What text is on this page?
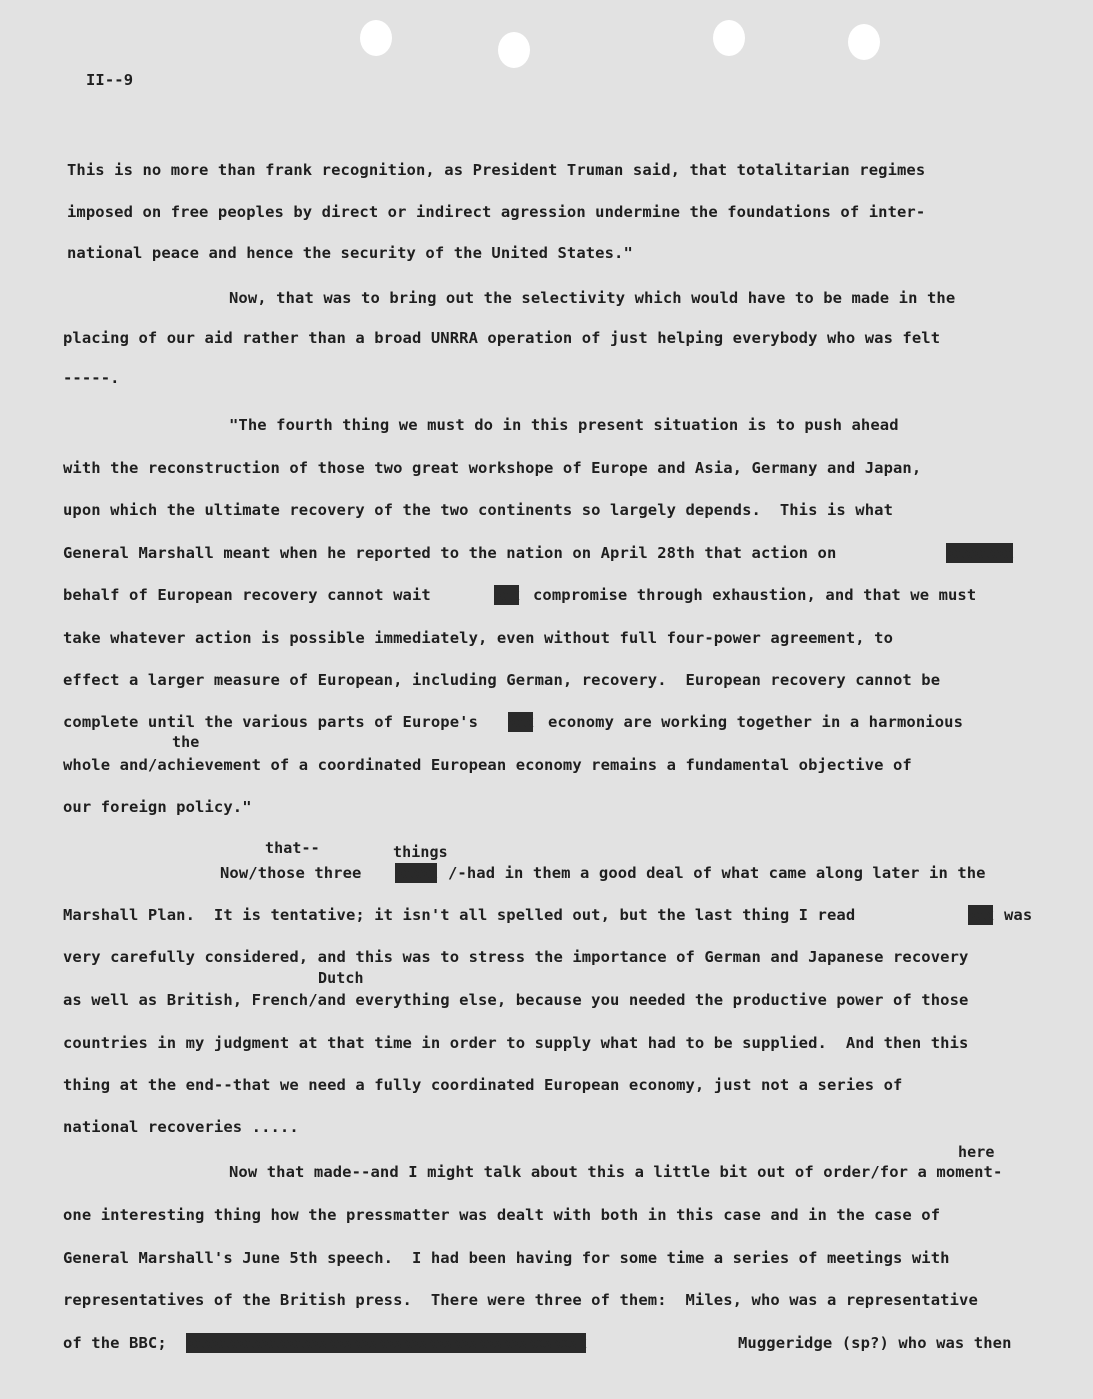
II--9
This is no more than frank recognition, as President Truman said, that totalitarian regimes
imposed on free peoples by direct or indirect agression undermine the foundations of inter-
national peace and hence the security of the United States."
Now, that was to bring out the selectivity which would have to be made in the
placing of our aid rather than a broad UNRRA operation of just helping everybody who was felt
-----.
"The fourth thing we must do in this present situation is to push ahead
with the reconstruction of those two great workshope of Europe and Asia, Germany and Japan,
upon which the ultimate recovery of the two continents so largely depends.  This is what
General Marshall meant when he reported to the nation on April 28th that action on	xxxxxxxx
behalf of European recovery cannot wait	xxx compromise through exhaustion, and that we must
take whatever action is possible immediately, even without full four-power agreement, to
effect a larger measure of European, including German, recovery.  European recovery cannot be
complete until the various parts of Europe's xxx economy are working together in a harmonious
the
whole and/achievement of a coordinated European economy remains a fundamental objective of
our foreign policy."
that--	things
Now/those three xxxxx /-had in them a good deal of what came along later in the
Marshall Plan.  It is tentative; it isn't all spelled out, but the last thing I read	xxx was
very carefully considered, and this was to stress the importance of German and Japanese recovery
Dutch
as well as British, French/and everything else, because you needed the productive power of those
countries in my judgment at that time in order to supply what had to be supplied.  And then this
thing at the end--that we need a fully coordinated European economy, just not a series of
national recoveries .....
here
Now that made--and I might talk about this a little bit out of order/for a moment-
one interesting thing how the pressmatter was dealt with both in this case and in the case of
General Marshall's June 5th speech.  I had been having for some time a series of meetings with
representatives of the British press.  There were three of them:  Miles, who was a representative
of the BBC; xxxxxxxxxxxxxxxxxxxxxxxxxxxxxxxxxxxxxxxxxxxxxxxx	Muggeridge (sp?) who was then
